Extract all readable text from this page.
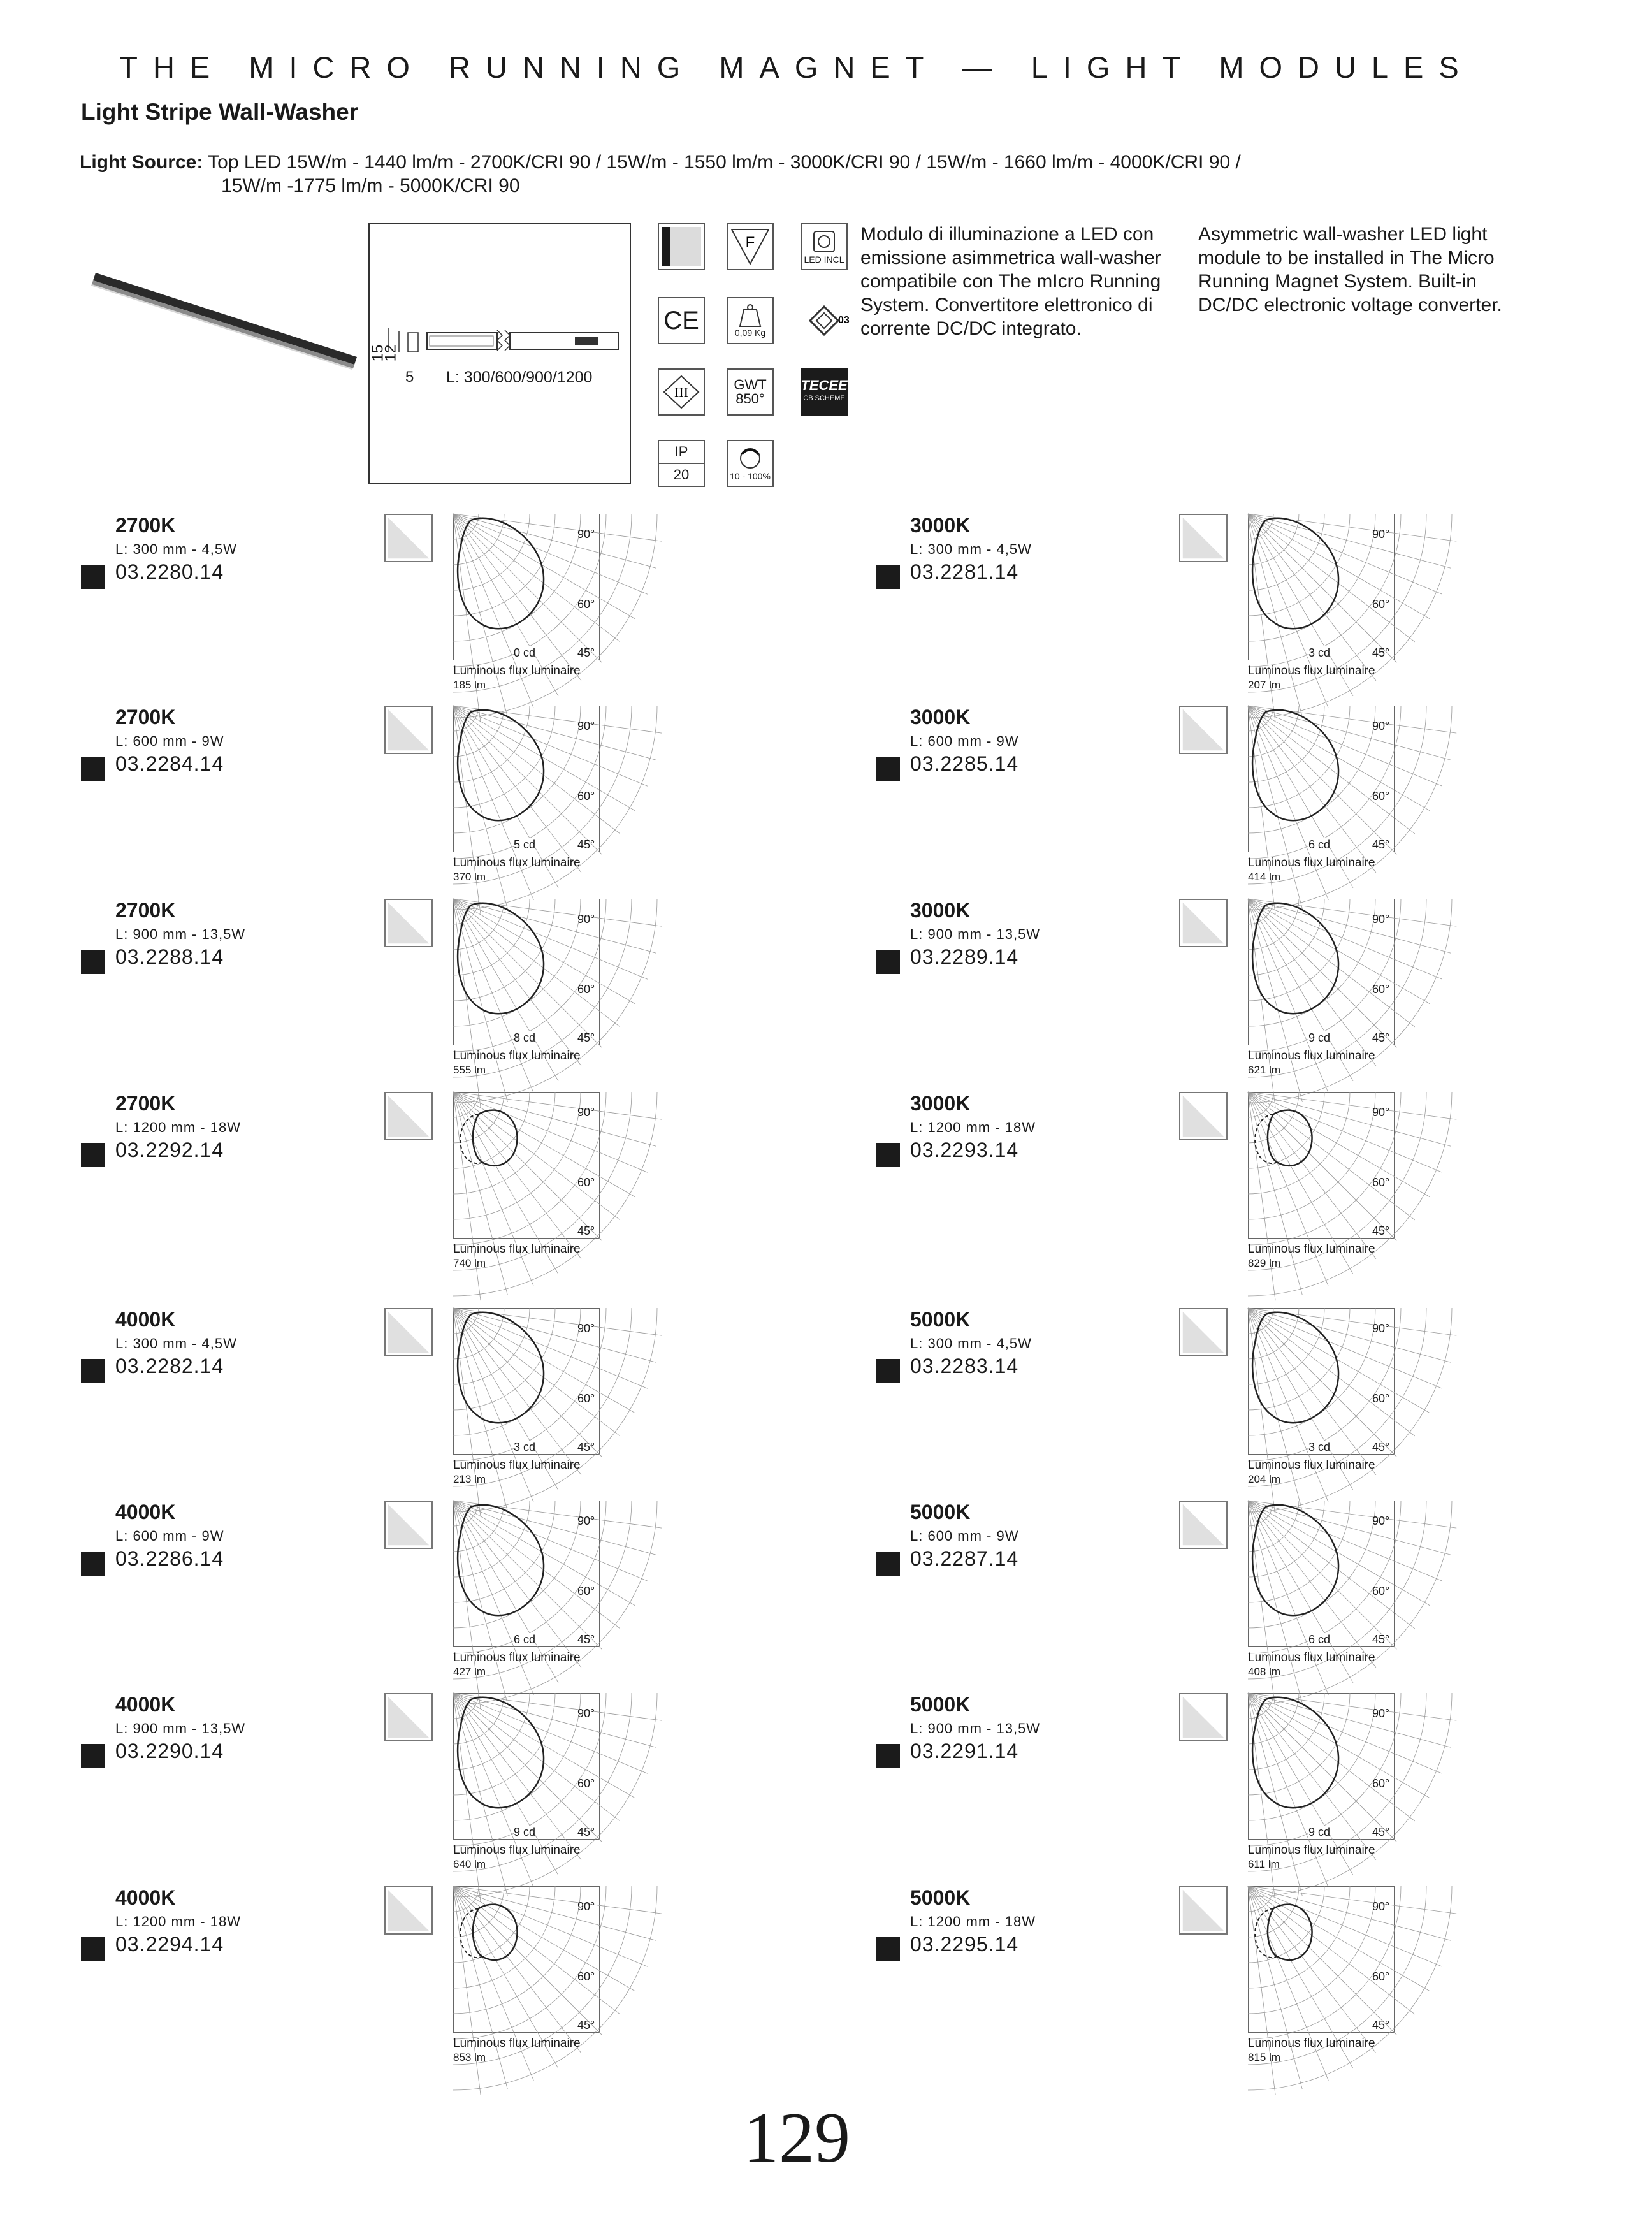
THE MICRO RUNNING MAGNET — LIGHT MODULES
Light Stripe Wall-Washer
Light Source: Top LED 15W/m - 1440 lm/m - 2700K/CRI 90 / 15W/m - 1550 lm/m - 3000K/CRI 90 / 15W/m - 1660 lm/m - 4000K/CRI 90 /
15W/m -1775 lm/m - 5000K/CRI 90
15
12
5 L: 300/600/900/1200
F
LED INCL
CE	0,09 Kg
03
III	GWT
850°
TECEE
CB SCHEME
IP
20	10 - 100%
Modulo di illuminazione a LED con emissione asimmetrica wall-washer compatibile con The mIcro Running System. Convertitore elettronico di corrente DC/DC integrato.
Asymmetric wall-washer LED light module to be installed in The Micro Running Magnet System. Built-in DC/DC electronic voltage converter.
2700K
L: 300 mm - 4,5W
03.2280.14
90°
60°
45°
0 cd
Luminous flux luminaire
185 lm
3000K
L: 300 mm - 4,5W
03.2281.14
90°
60°
45°
3 cd
Luminous flux luminaire
207 lm
2700K
L: 600 mm - 9W
03.2284.14
90°
60°
45°
5 cd
Luminous flux luminaire
370 lm
3000K
L: 600 mm - 9W
03.2285.14
90°
60°
45°
6 cd
Luminous flux luminaire
414 lm
2700K
L: 900 mm - 13,5W
03.2288.14
90°
60°
45°
8 cd
Luminous flux luminaire
555 lm
3000K
L: 900 mm - 13,5W
03.2289.14
90°
60°
45°
9 cd
Luminous flux luminaire
621 lm
2700K
L: 1200 mm - 18W
03.2292.14
90°
60°
45°
Luminous flux luminaire
740 lm
3000K
L: 1200 mm - 18W
03.2293.14
90°
60°
45°
Luminous flux luminaire
829 lm
4000K
L: 300 mm - 4,5W
03.2282.14
90°
60°
45°
3 cd
Luminous flux luminaire
213 lm
5000K
L: 300 mm - 4,5W
03.2283.14
90°
60°
45°
3 cd
Luminous flux luminaire
204 lm
4000K
L: 600 mm - 9W
03.2286.14
90°
60°
45°
6 cd
Luminous flux luminaire
427 lm
5000K
L: 600 mm - 9W
03.2287.14
90°
60°
45°
6 cd
Luminous flux luminaire
408 lm
4000K
L: 900 mm - 13,5W
03.2290.14
90°
60°
45°
9 cd
Luminous flux luminaire
640 lm
5000K
L: 900 mm - 13,5W
03.2291.14
90°
60°
45°
9 cd
Luminous flux luminaire
611 lm
4000K
L: 1200 mm - 18W
03.2294.14
90°
60°
45°
Luminous flux luminaire
853 lm
5000K
L: 1200 mm - 18W
03.2295.14
90°
60°
45°
Luminous flux luminaire
815 lm
129
